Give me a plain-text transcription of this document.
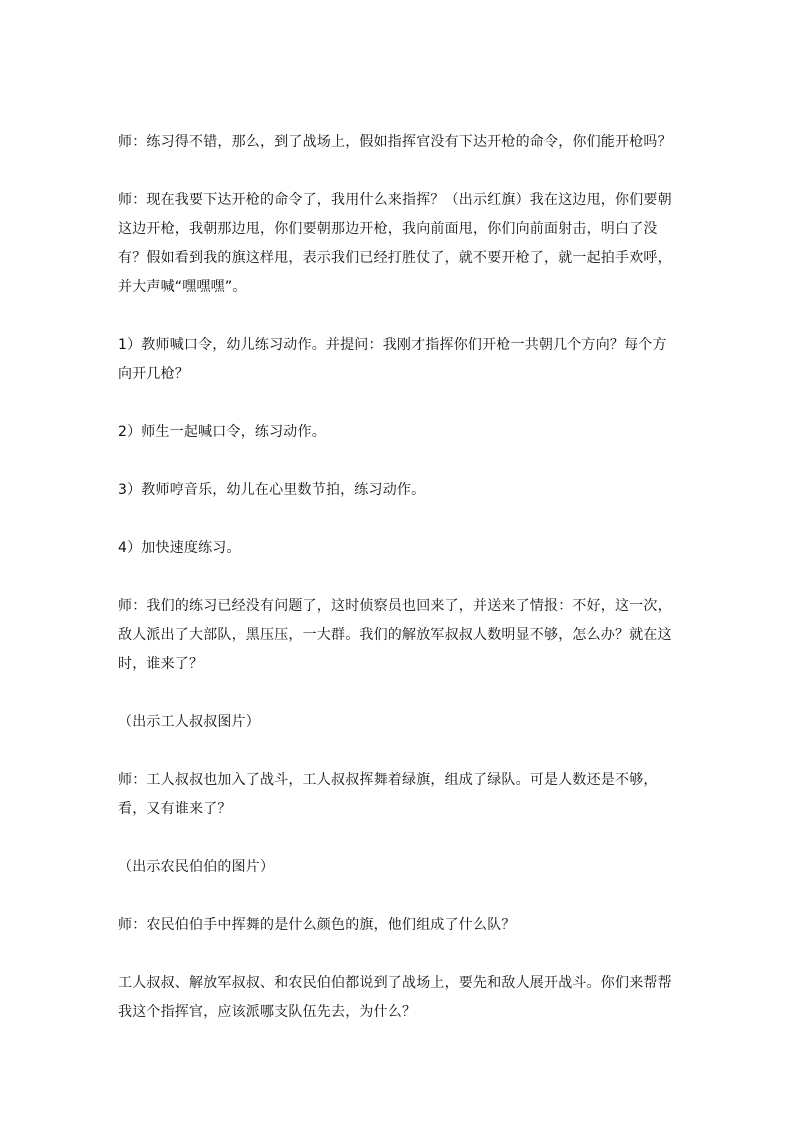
师：练习得不错，那么，到了战场上，假如指挥官没有下达开枪的命令，你们能开枪吗？

师：现在我要下达开枪的命令了，我用什么来指挥？（出示红旗）我在这边甩，你们要朝这边开枪，我朝那边甩，你们要朝那边开枪，我向前面甩，你们向前面射击，明白了没有？假如看到我的旗这样甩，表示我们已经打胜仗了，就不要开枪了，就一起拍手欢呼，并大声喊“嘿嘿嘿”。

1）教师喊口令，幼儿练习动作。并提问：我刚才指挥你们开枪一共朝几个方向？每个方向开几枪？

2）师生一起喊口令，练习动作。

3）教师哼音乐，幼儿在心里数节拍，练习动作。

4）加快速度练习。

师：我们的练习已经没有问题了，这时侦察员也回来了，并送来了情报：不好，这一次，敌人派出了大部队，黑压压，一大群。我们的解放军叔叔人数明显不够，怎么办？就在这时，谁来了？

（出示工人叔叔图片）

师：工人叔叔也加入了战斗，工人叔叔挥舞着绿旗，组成了绿队。可是人数还是不够，看，又有谁来了？

（出示农民伯伯的图片）

师：农民伯伯手中挥舞的是什么颜色的旗，他们组成了什么队？

工人叔叔、解放军叔叔、和农民伯伯都说到了战场上，要先和敌人展开战斗。你们来帮帮我这个指挥官，应该派哪支队伍先去，为什么？
